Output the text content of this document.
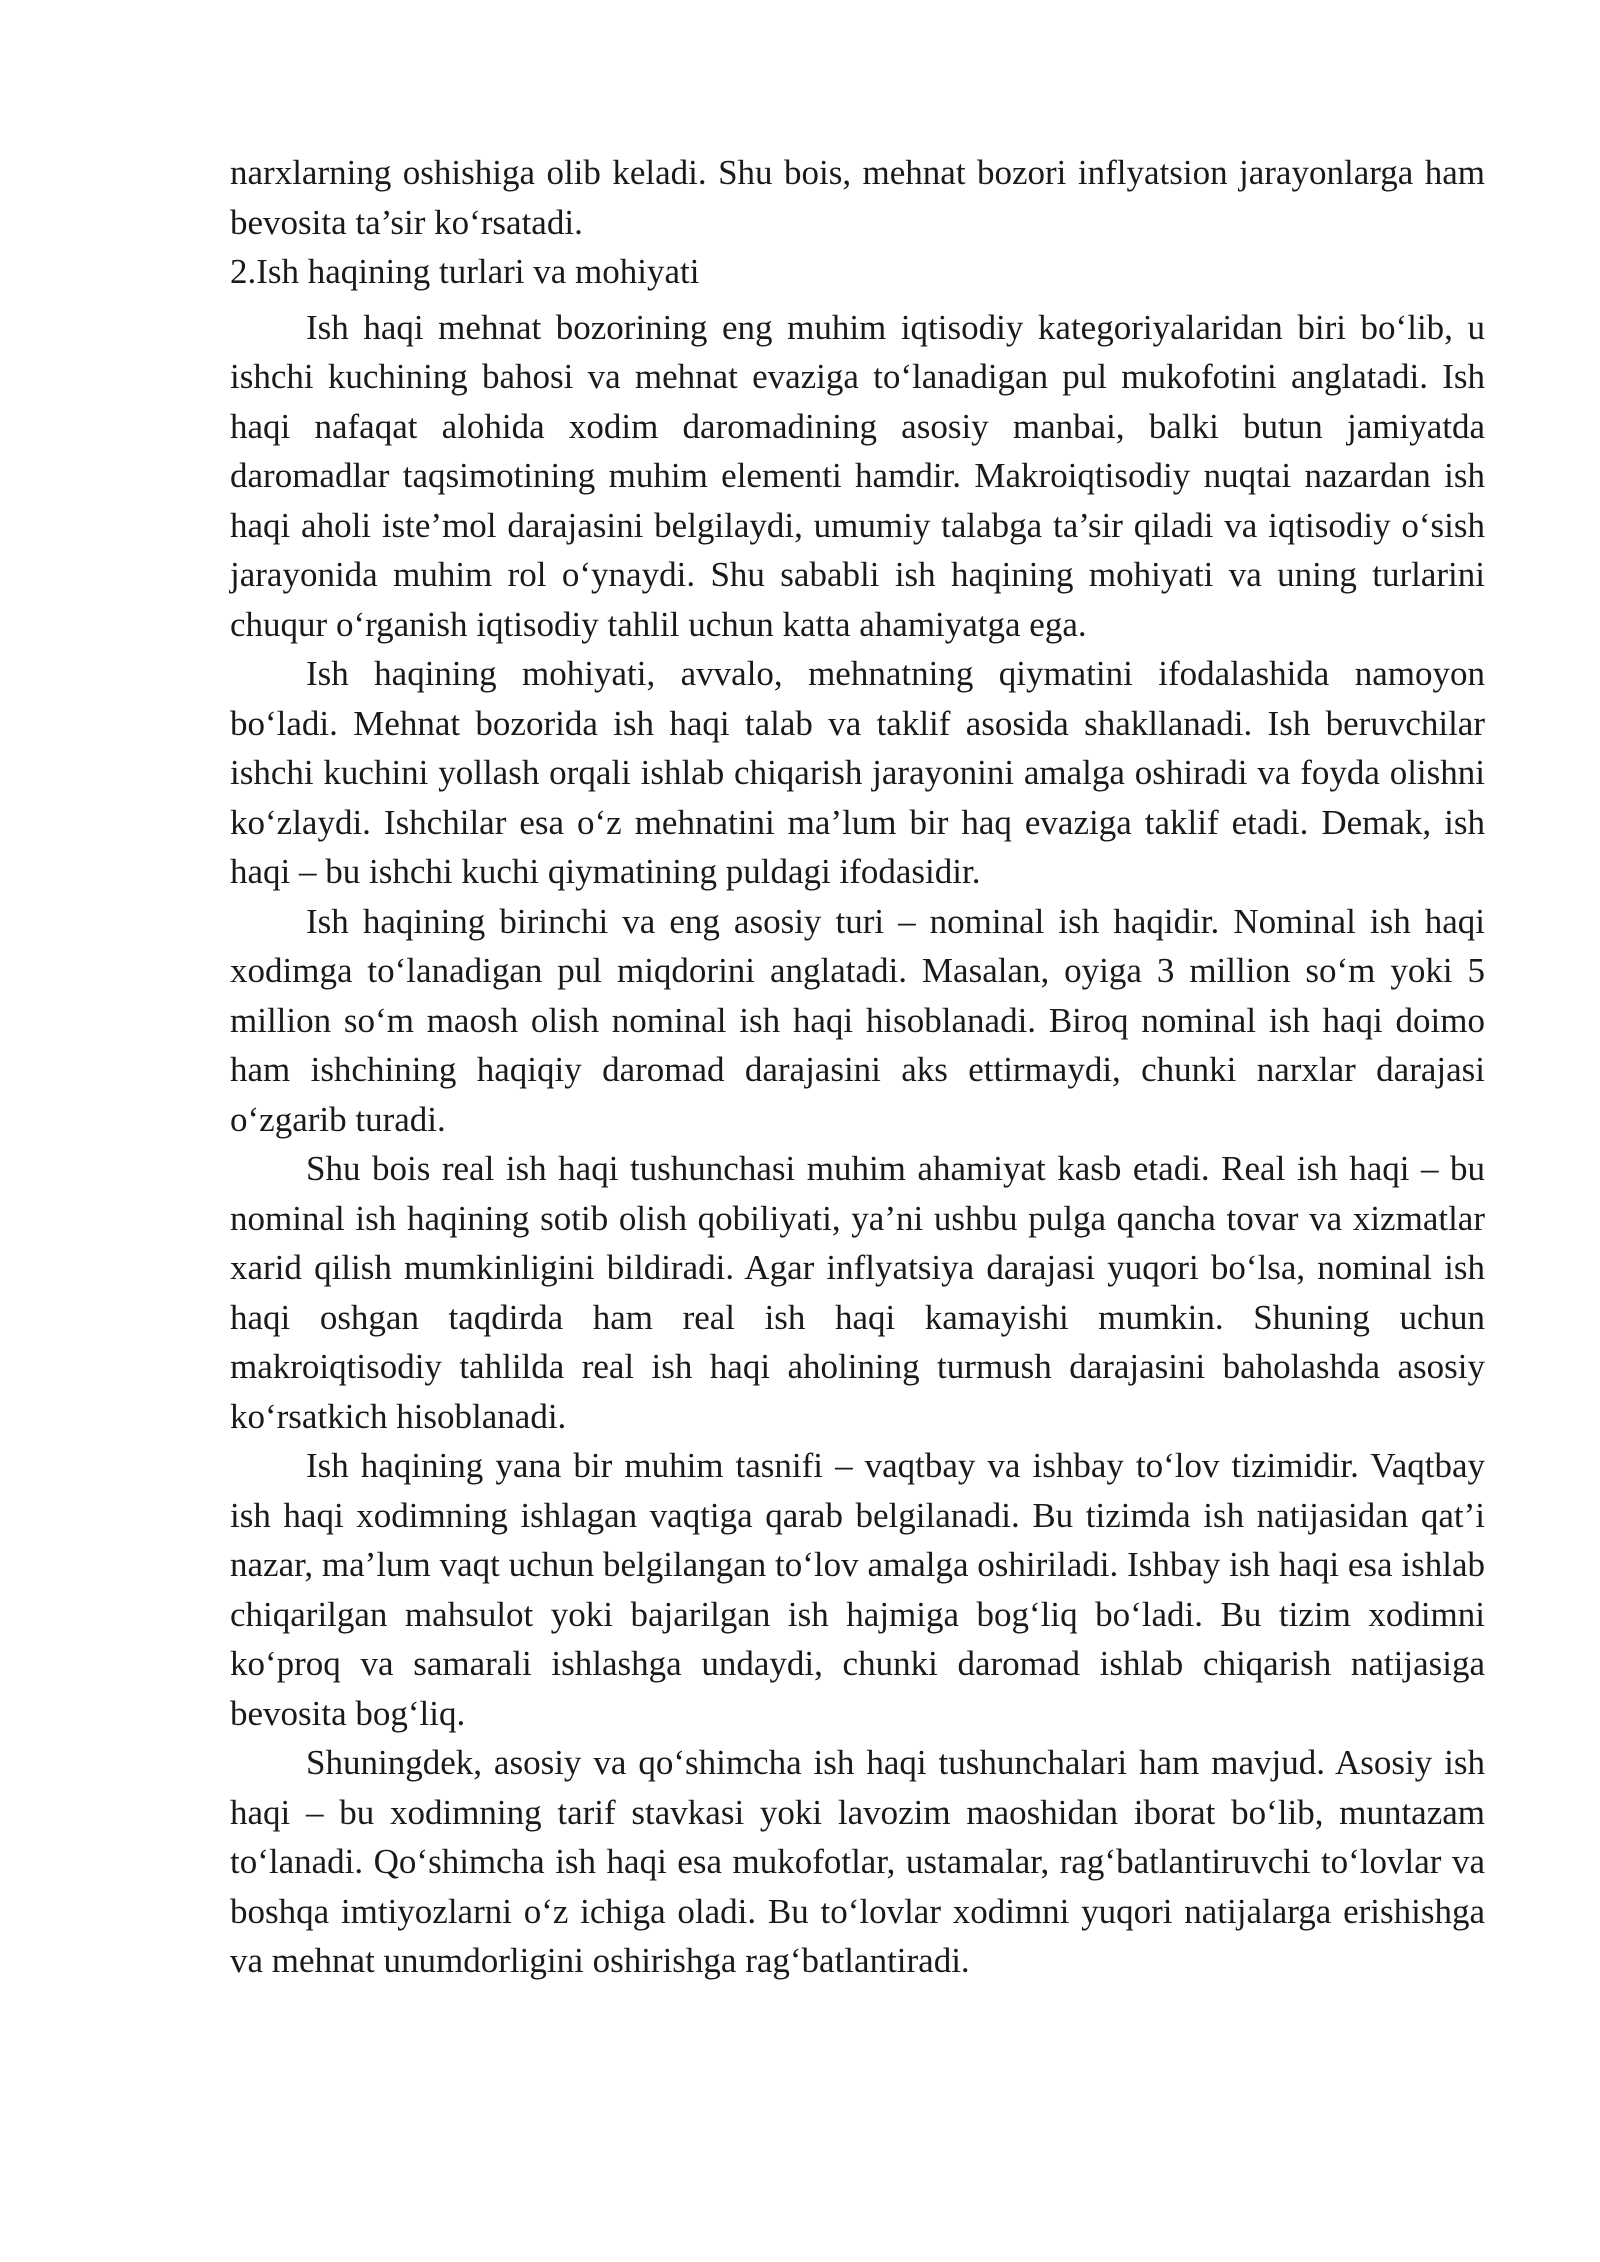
narxlarning oshishiga olib keladi. Shu bois, mehnat bozori inflyatsion jarayonlarga ham bevosita ta’sir ko‘rsatadi.

2.Ish haqining turlari va mohiyati

Ish haqi mehnat bozorining eng muhim iqtisodiy kategoriyalaridan biri bo‘lib, u ishchi kuchining bahosi va mehnat evaziga to‘lanadigan pul mukofotini anglatadi. Ish haqi nafaqat alohida xodim daromadining asosiy manbai, balki butun jamiyatda daromadlar taqsimotining muhim elementi hamdir. Makroiqtisodiy nuqtai nazardan ish haqi aholi iste’mol darajasini belgilaydi, umumiy talabga ta’sir qiladi va iqtisodiy o‘sish jarayonida muhim rol o‘ynaydi. Shu sababli ish haqining mohiyati va uning turlarini chuqur o‘rganish iqtisodiy tahlil uchun katta ahamiyatga ega.

Ish haqining mohiyati, avvalo, mehnatning qiymatini ifodalashida namoyon bo‘ladi. Mehnat bozorida ish haqi talab va taklif asosida shakllanadi. Ish beruvchilar ishchi kuchini yollash orqali ishlab chiqarish jarayonini amalga oshiradi va foyda olishni ko‘zlaydi. Ishchilar esa o‘z mehnatini ma’lum bir haq evaziga taklif etadi. Demak, ish haqi – bu ishchi kuchi qiymatining puldagi ifodasidir.

Ish haqining birinchi va eng asosiy turi – nominal ish haqidir. Nominal ish haqi xodimga to‘lanadigan pul miqdorini anglatadi. Masalan, oyiga 3 million so‘m yoki 5 million so‘m maosh olish nominal ish haqi hisoblanadi. Biroq nominal ish haqi doimo ham ishchining haqiqiy daromad darajasini aks ettirmaydi, chunki narxlar darajasi o‘zgarib turadi.

Shu bois real ish haqi tushunchasi muhim ahamiyat kasb etadi. Real ish haqi – bu nominal ish haqining sotib olish qobiliyati, ya’ni ushbu pulga qancha tovar va xizmatlar xarid qilish mumkinligini bildiradi. Agar inflyatsiya darajasi yuqori bo‘lsa, nominal ish haqi oshgan taqdirda ham real ish haqi kamayishi mumkin. Shuning uchun makroiqtisodiy tahlilda real ish haqi aholining turmush darajasini baholashda asosiy ko‘rsatkich hisoblanadi.

Ish haqining yana bir muhim tasnifi – vaqtbay va ishbay to‘lov tizimidir. Vaqtbay ish haqi xodimning ishlagan vaqtiga qarab belgilanadi. Bu tizimda ish natijasidan qat’i nazar, ma’lum vaqt uchun belgilangan to‘lov amalga oshiriladi. Ishbay ish haqi esa ishlab chiqarilgan mahsulot yoki bajarilgan ish hajmiga bog‘liq bo‘ladi. Bu tizim xodimni ko‘proq va samarali ishlashga undaydi, chunki daromad ishlab chiqarish natijasiga bevosita bog‘liq.

Shuningdek, asosiy va qo‘shimcha ish haqi tushunchalari ham mavjud. Asosiy ish haqi – bu xodimning tarif stavkasi yoki lavozim maoshidan iborat bo‘lib, muntazam to‘lanadi. Qo‘shimcha ish haqi esa mukofotlar, ustamalar, rag‘batlantiruvchi to‘lovlar va boshqa imtiyozlarni o‘z ichiga oladi. Bu to‘lovlar xodimni yuqori natijalarga erishishga va mehnat unumdorligini oshirishga rag‘batlantiradi.
